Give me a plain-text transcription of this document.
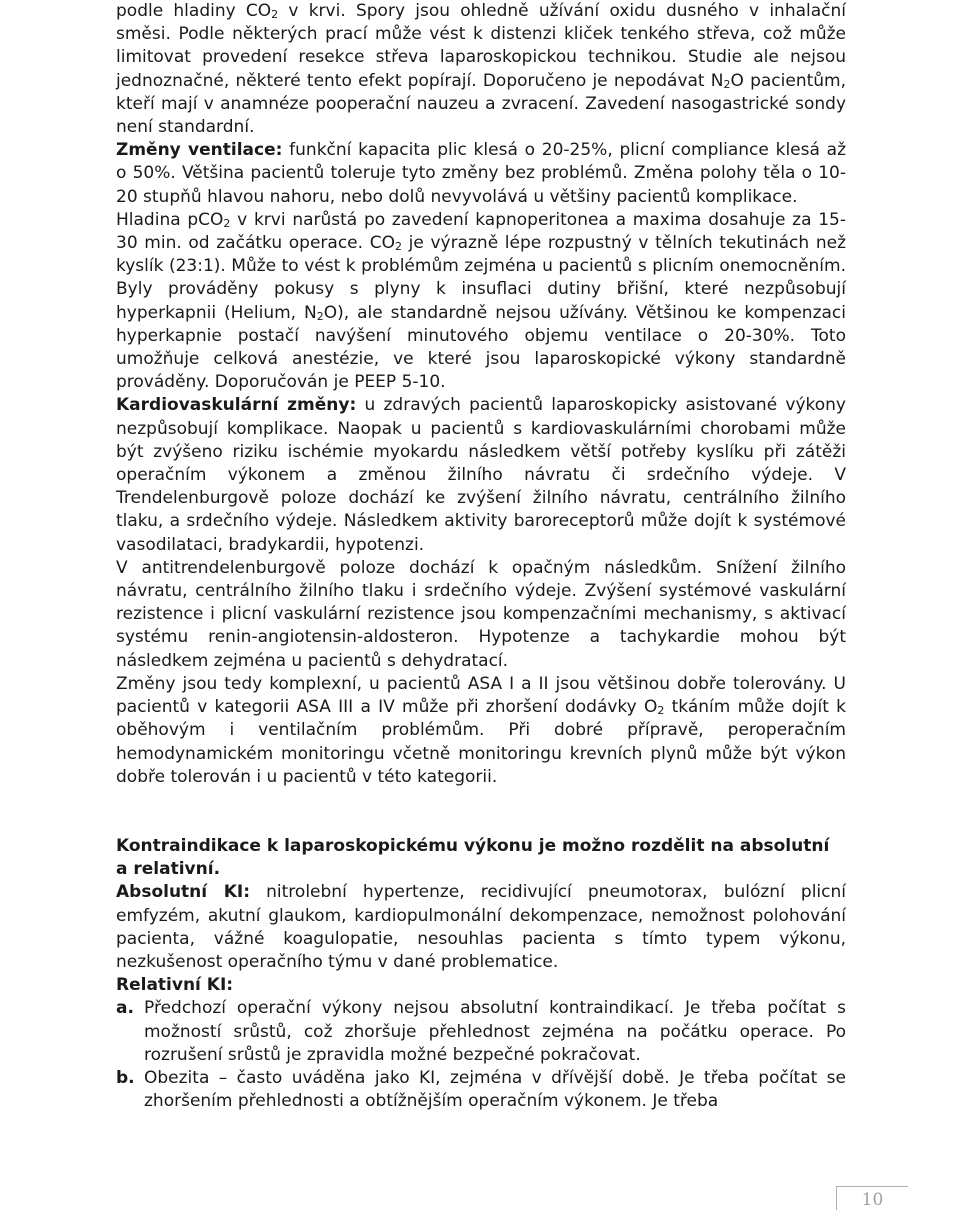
podle hladiny $CO_2$ v krvi. Spory jsou ohledně užívání oxidu dusného v inhalační směsi. Podle některých prací může vést k distenzi kliček tenkého střeva, což může limitovat provedení resekce střeva laparoskopickou technikou. Studie ale nejsou jednoznačné, některé tento efekt popírají. Doporučeno je nepodávat $N_2O$ pacientům, kteří mají v anamnéze pooperační nauzeu a zvracení. Zavedení nasogastrické sondy není standardní.

Změny ventilace: funkční kapacita plic klesá o 20-25%, plicní compliance klesá až o 50%. Většina pacientů toleruje tyto změny bez problémů. Změna polohy těla o 10-20 stupňů hlavou nahoru, nebo dolů nevyvolává u většiny pacientů komplikace.

Hladina pCO$_2$ v krvi narůstá po zavedení kapnoperitonea a maxima dosahuje za 15-30 min. od začátku operace. $CO_2$ je výrazně lépe rozpustný v tělních tekutinách než kyslík (23:1). Může to vést k problémům zejména u pacientů s plicním onemocněním. Byly prováděny pokusy s plyny k insuflaci dutiny břišní, které nezpůsobují hyperkapnii (Helium, $N_2O$), ale standardně nejsou užívány. Většinou ke kompenzaci hyperkapnie postačí navýšení minutového objemu ventilace o 20-30%. Toto umožňuje celková anestézie, ve které jsou laparoskopické výkony standardně prováděny. Doporučován je PEEP 5-10.

Kardiovaskulární změny: u zdravých pacientů laparoskopicky asistované výkony nezpůsobují komplikace. Naopak u pacientů s kardiovaskulárními chorobami může být zvýšeno riziku ischémie myokardu následkem větší potřeby kyslíku při zátěži operačním výkonem a změnou žilního návratu či srdečního výdeje. V Trendelenburgově poloze dochází ke zvýšení žilního návratu, centrálního žilního tlaku, a srdečního výdeje. Následkem aktivity baroreceptorů může dojít k systémové vasodilataci, bradykardii, hypotenzi.

V antitrendelenburgově poloze dochází k opačným následkům. Snížení žilního návratu, centrálního žilního tlaku i srdečního výdeje. Zvýšení systémové vaskulární rezistence i plicní vaskulární rezistence jsou kompenzačními mechanismy, s aktivací systému renin-angiotensin-aldosteron. Hypotenze a tachykardie mohou být následkem zejména u pacientů s dehydratací.

Změny jsou tedy komplexní, u pacientů ASA I a II jsou většinou dobře tolerovány. U pacientů v kategorii ASA III a IV může při zhoršení dodávky $O_2$ tkáním může dojít k oběhovým i ventilačním problémům. Při dobré přípravě, peroperačním hemodynamickém monitoringu včetně monitoringu krevních plynů může být výkon dobře tolerován i u pacientů v této kategorii.

Kontraindikace k laparoskopickému výkonu je možno rozdělit na absolutní a relativní.

Absolutní KI: nitrolební hypertenze, recidivující pneumotorax, bulózní plicní emfyzém, akutní glaukom, kardiopulmonální dekompenzace, nemožnost polohování pacienta, vážné koagulopatie, nesouhlas pacienta s tímto typem výkonu, nezkušenost operačního týmu v dané problematice.

Relativní KI:

a. Předchozí operační výkony nejsou absolutní kontraindikací. Je třeba počítat s možností srůstů, což zhoršuje přehlednost zejména na počátku operace. Po rozrušení srůstů je zpravidla možné bezpečné pokračovat.
b. Obezita – často uváděna jako KI, zejména v dřívější době. Je třeba počítat se zhoršením přehlednosti a obtížnějším operačním výkonem. Je třeba
10
